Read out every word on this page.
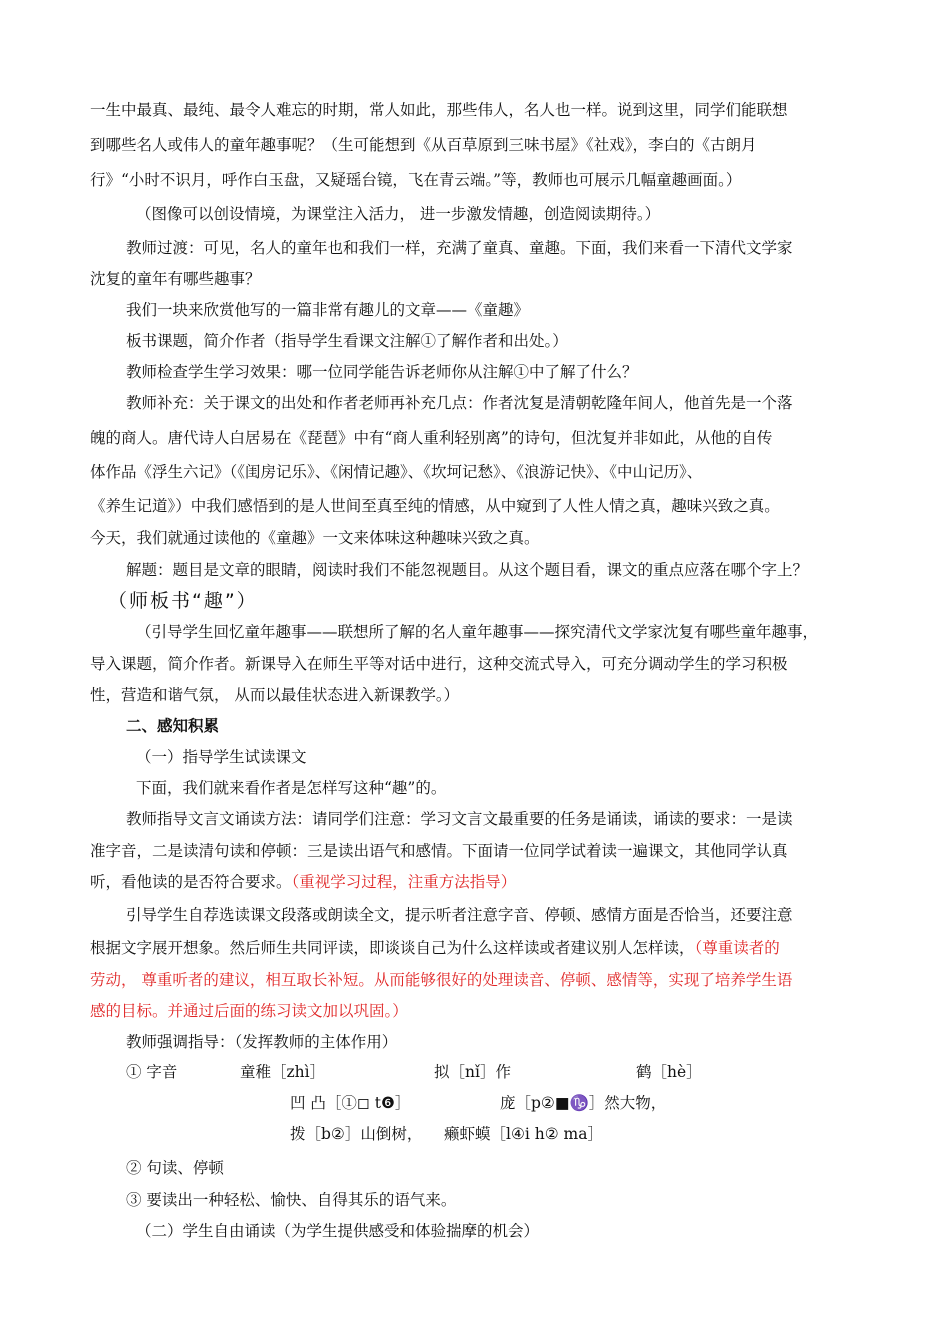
一生中最真、最纯、最令人难忘的时期，常人如此，那些伟人，名人也一样。说到这里，同学们能联想
到哪些名人或伟人的童年趣事呢？（生可能想到《从百草原到三味书屋》《社戏》，李白的《古朗月
行》“小时不识月，呼作白玉盘，又疑瑶台镜，飞在青云端。”等，教师也可展示几幅童趣画面。）
（图像可以创设情境，为课堂注入活力， 进一步激发情趣，创造阅读期待。）
教师过渡：可见，名人的童年也和我们一样，充满了童真、童趣。下面，我们来看一下清代文学家
沈复的童年有哪些趣事？
我们一块来欣赏他写的一篇非常有趣儿的文章——《童趣》
板书课题，简介作者（指导学生看课文注解①了解作者和出处。）
教师检查学生学习效果：哪一位同学能告诉老师你从注解①中了解了什么？
教师补充：关于课文的出处和作者老师再补充几点：作者沈复是清朝乾隆年间人，他首先是一个落
魄的商人。唐代诗人白居易在《琵琶》中有“商人重利轻别离”的诗句，但沈复并非如此，从他的自传
体作品《浮生六记》（《闺房记乐》、《闲情记趣》、《坎坷记愁》、《浪游记快》、《中山记历》、
《养生记道》）中我们感悟到的是人世间至真至纯的情感，从中窥到了人性人情之真，趣味兴致之真。
今天，我们就通过读他的《童趣》一文来体味这种趣味兴致之真。
解题：题目是文章的眼睛，阅读时我们不能忽视题目。从这个题目看，课文的重点应落在哪个字上？
（师板书“趣”）
（引导学生回忆童年趣事——联想所了解的名人童年趣事——探究清代文学家沈复有哪些童年趣事，
导入课题，简介作者。新课导入在师生平等对话中进行，这种交流式导入，可充分调动学生的学习积极
性，营造和谐气氛， 从而以最佳状态进入新课教学。）
二、感知积累
（一）指导学生试读课文
下面，我们就来看作者是怎样写这种“趣”的。
教师指导文言文诵读方法：请同学们注意：学习文言文最重要的任务是诵读，诵读的要求：一是读
准字音，二是读清句读和停顿：三是读出语气和感情。下面请一位同学试着读一遍课文，其他同学认真
听，看他读的是否符合要求。（重视学习过程，注重方法指导）
引导学生自荐选读课文段落或朗读全文，提示听者注意字音、停顿、感情方面是否恰当，还要注意
根据文字展开想象。然后师生共同评读，即谈谈自己为什么这样读或者建议别人怎样读，（尊重读者的
劳动， 尊重听者的建议，相互取长补短。从而能够很好的处理读音、停顿、感情等，实现了培养学生语
感的目标。并通过后面的练习读文加以巩固。）
教师强调指导：（发挥教师的主体作用）
① 字音	童稚［zhì］	拟［nǐ］作	鹤［hè］
凹 凸［①◻ t❻］	庞［p②■♑］然大物，
拨［b②］山倒树， 癞虾蟆［l④i h② ma］
② 句读、停顿
③ 要读出一种轻松、愉快、自得其乐的语气来。
（二）学生自由诵读（为学生提供感受和体验揣摩的机会）
